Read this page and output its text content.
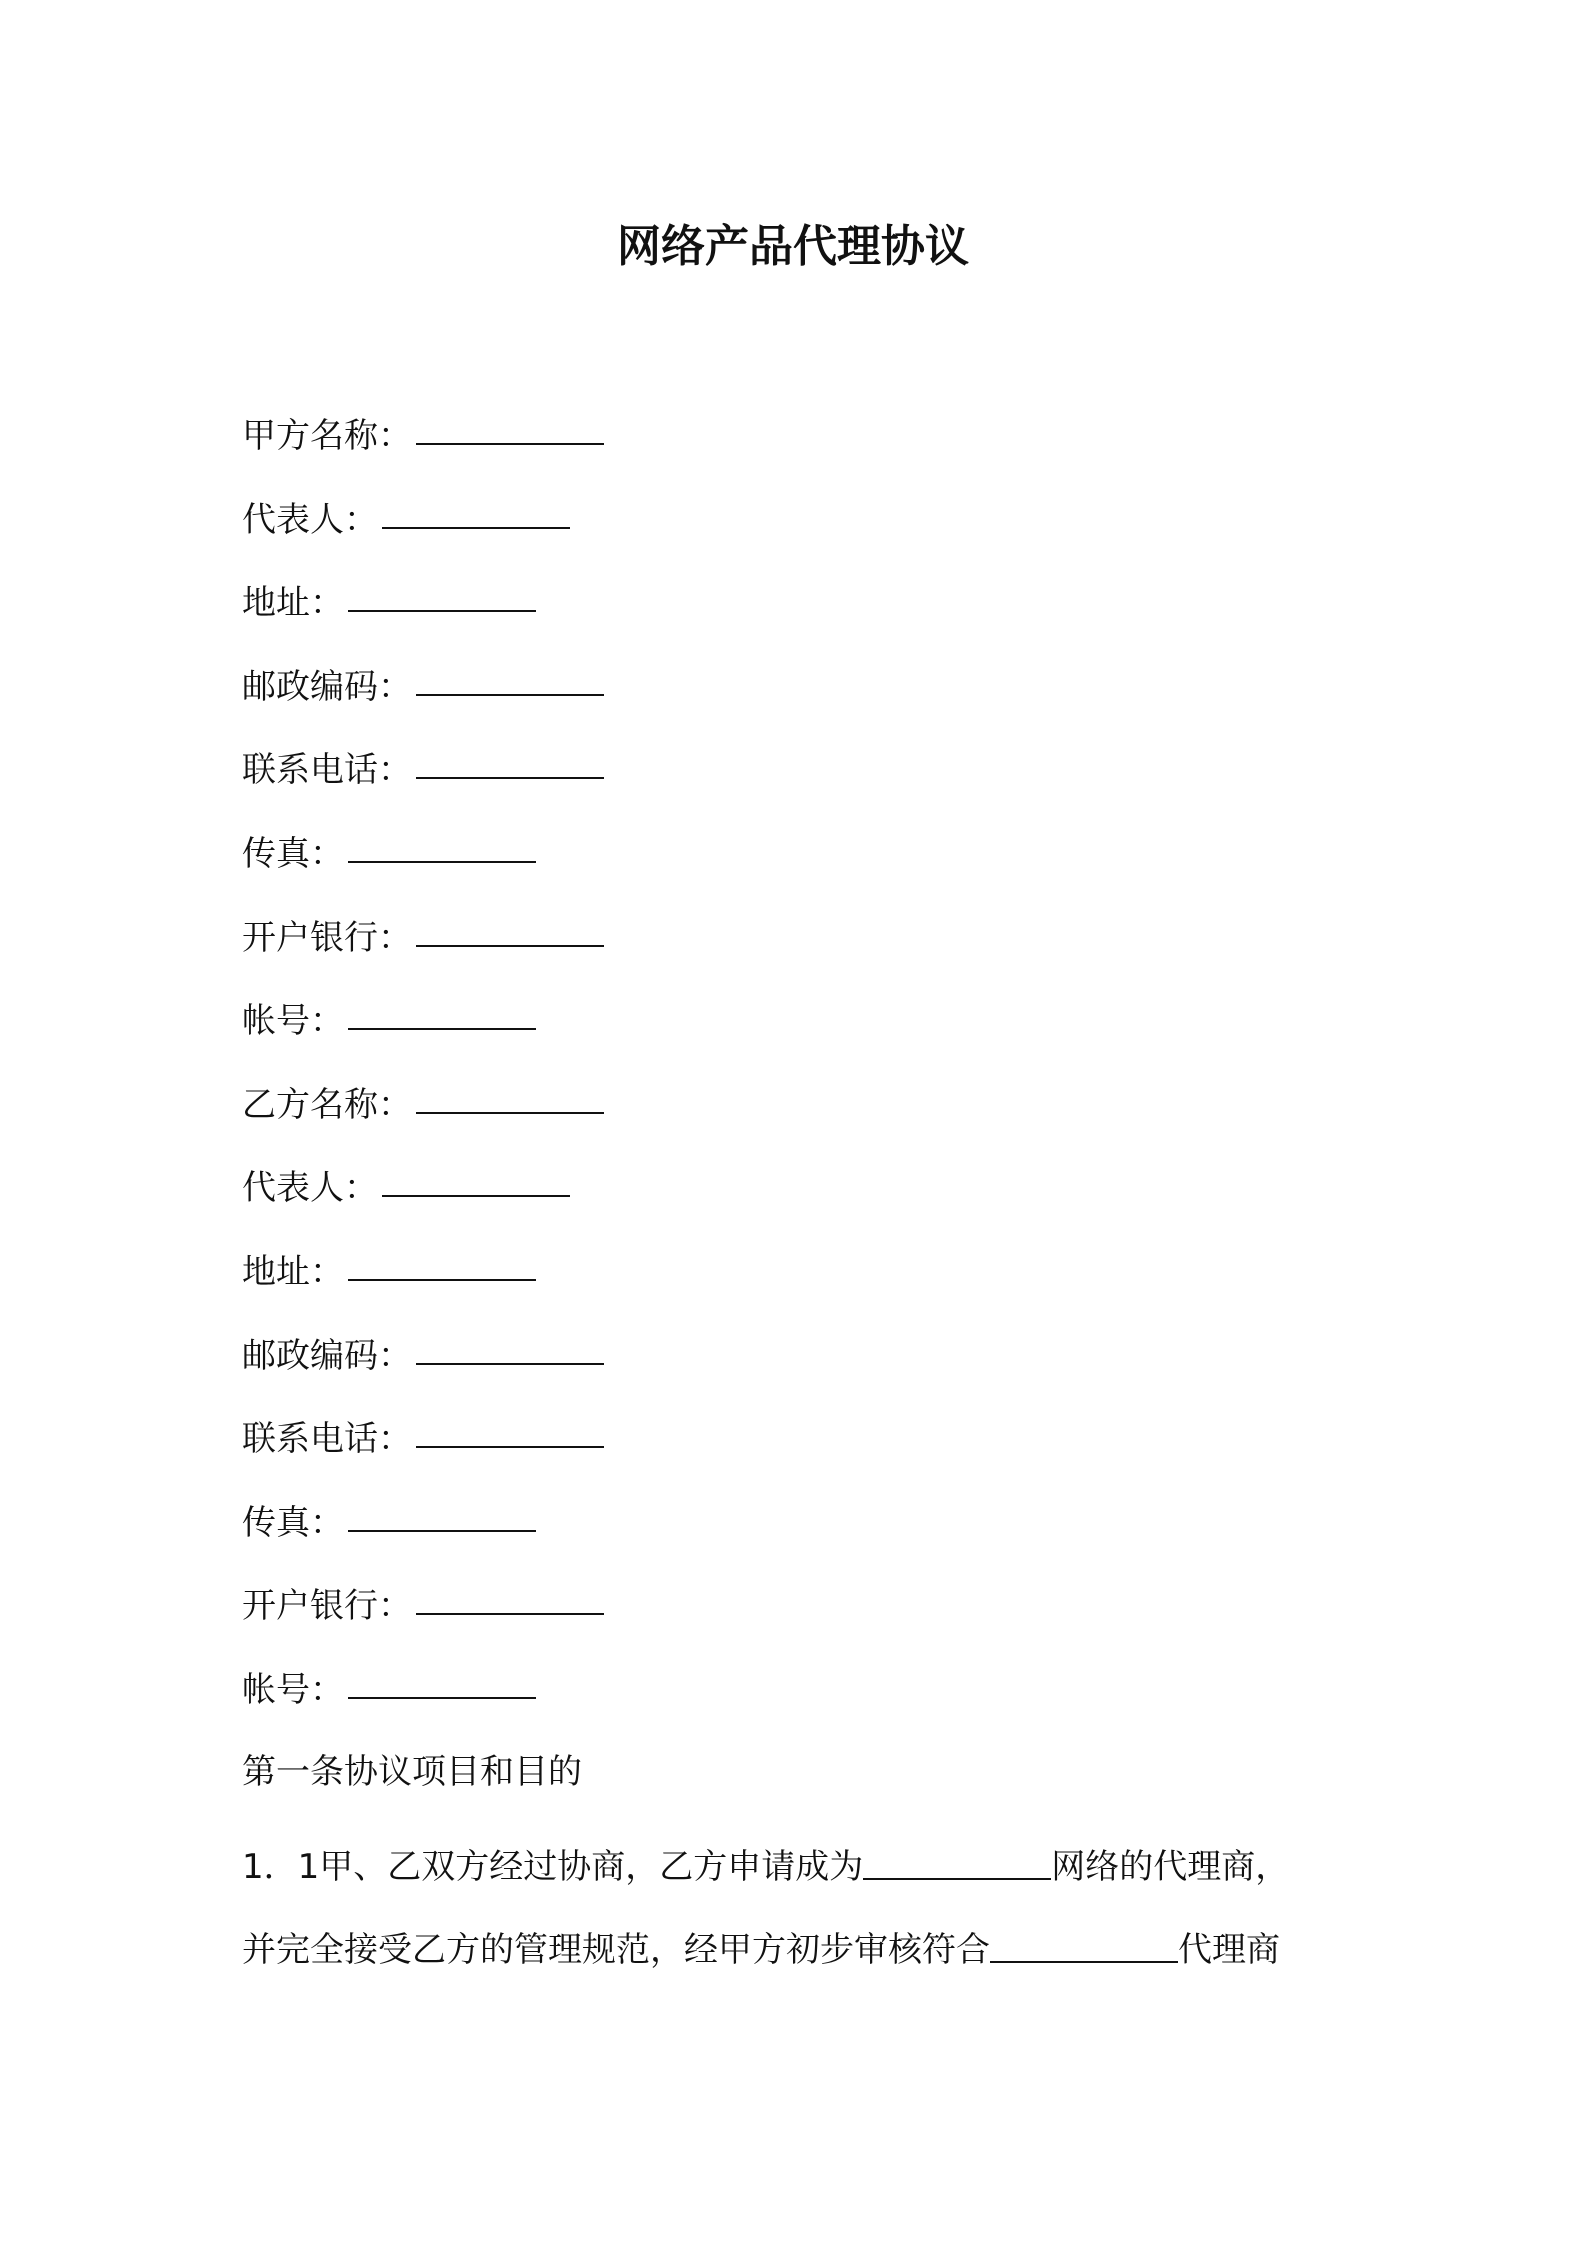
网络产品代理协议
甲方名称：
代表人：
地址：
邮政编码：
联系电话：
传真：
开户银行：
帐号：
乙方名称：
代表人：
地址：
邮政编码：
联系电话：
传真：
开户银行：
帐号：
第一条协议项目和目的

1．1甲、乙双方经过协商，乙方申请成为	网络的代理商，
并完全接受乙方的管理规范，经甲方初步审核符合	代理商
